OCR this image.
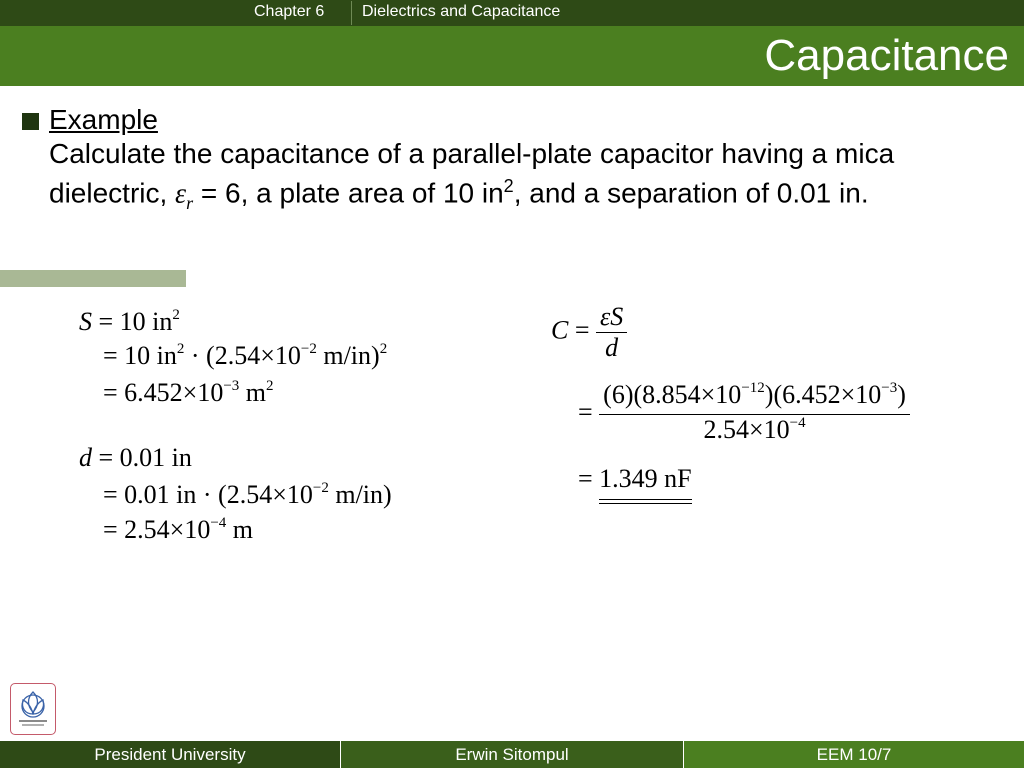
Chapter 6 Dielectrics and Capacitance
Capacitance
Example
Calculate the capacitance of a parallel-plate capacitor having a mica dielectric, $\varepsilon_r = 6$, a plate area of 10 $in^2$, and a separation of 0.01 in.
S = 10 $in^2$
= 10 $in^2 \cdot (2.54\times 10^{-2}$ m/in)$^2$
= $6.452\times 10^{-3}$ $m^2$
d = 0.01 in
= 0.01 in · ($2.54\times 10^{-2}$ m/in)
= $2.54\times 10^{-4}$ m
$C = \frac{\varepsilon S}{d}$
= $\frac{(6)(8.854\times 10^{-12})(6.452\times 10^{-3})}{2.54\times 10^{-4}}$
= 1.349 nF
President University	Erwin Sitompul	EEM 10/7
